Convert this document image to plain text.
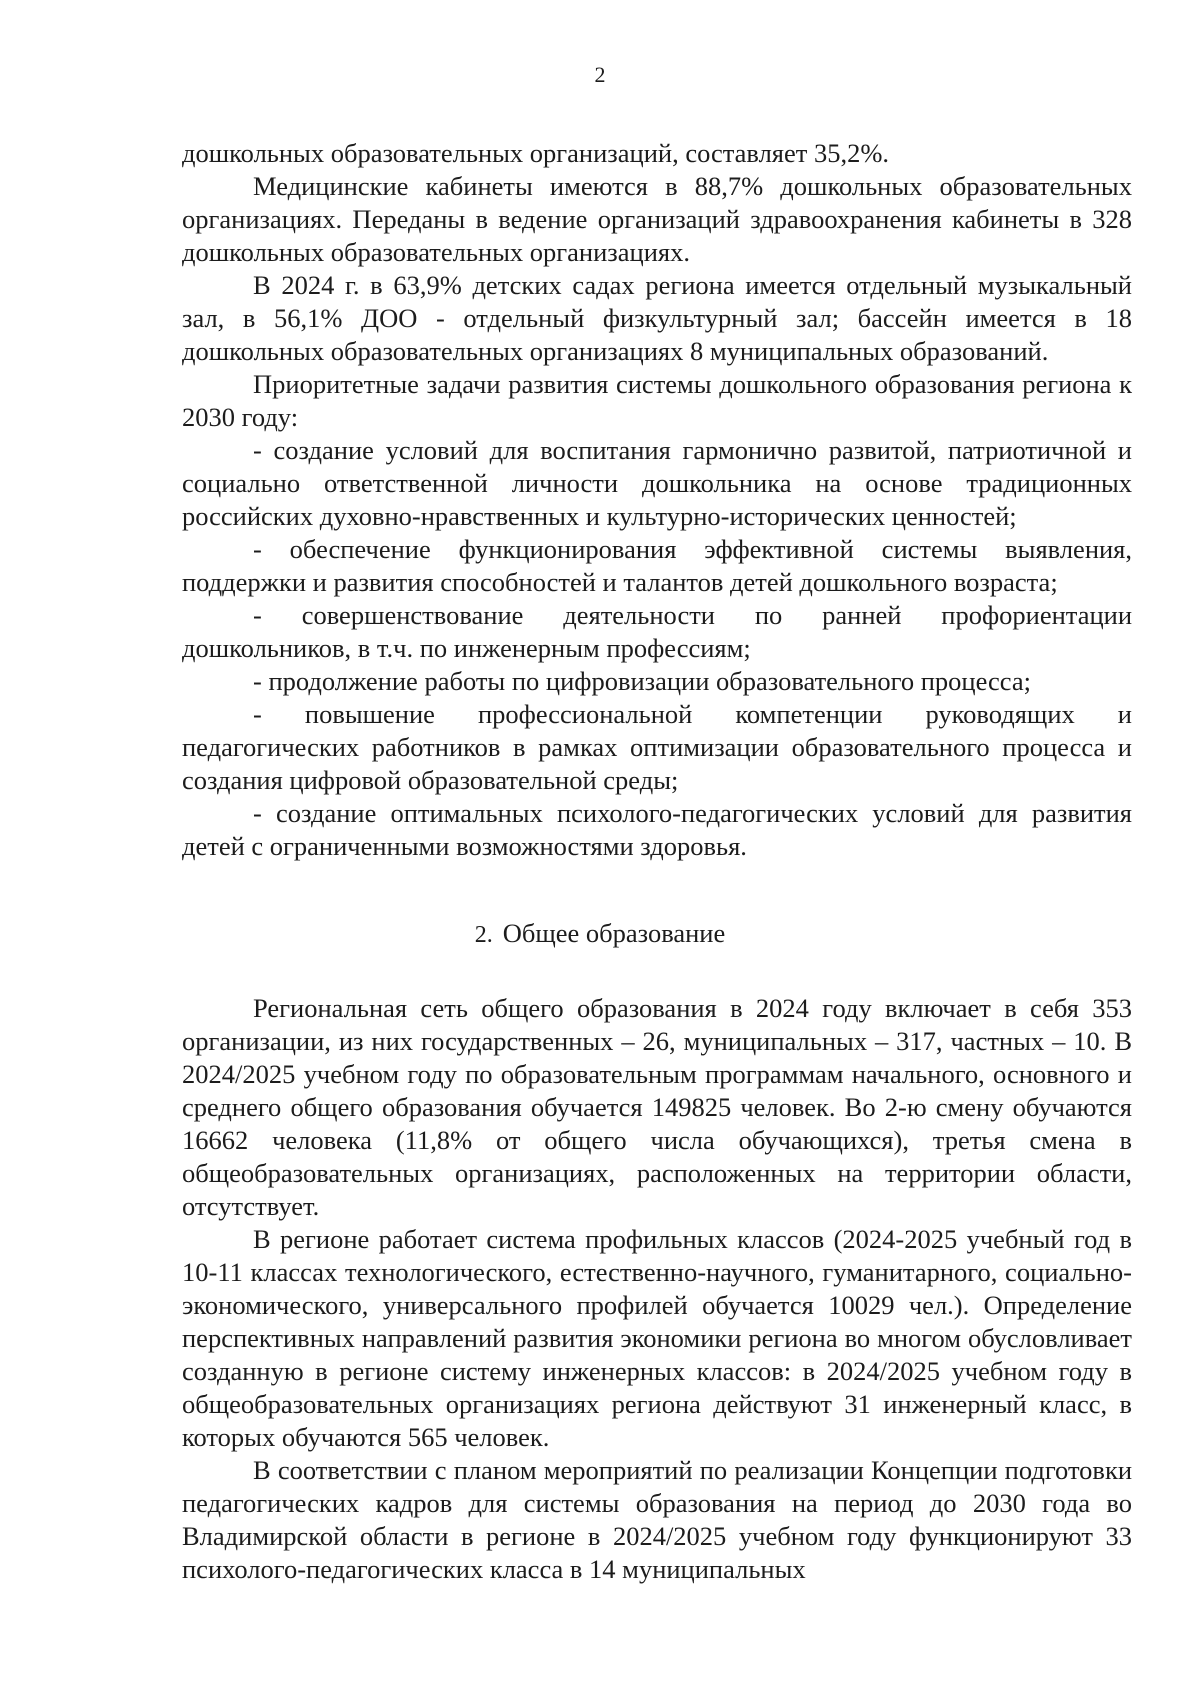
2

дошкольных образовательных организаций, составляет 35,2%.

Медицинские кабинеты имеются в 88,7% дошкольных образовательных организациях. Переданы в ведение организаций здравоохранения кабинеты в 328 дошкольных образовательных организациях.

В 2024 г. в 63,9% детских садах региона имеется отдельный музыкальный зал, в 56,1% ДОО - отдельный физкультурный зал; бассейн имеется в 18 дошкольных образовательных организациях 8 муниципальных образований.

Приоритетные задачи развития системы дошкольного образования региона к 2030 году:

- создание условий для воспитания гармонично развитой, патриотичной и социально ответственной личности дошкольника на основе традиционных российских духовно-нравственных и культурно-исторических ценностей;

- обеспечение функционирования эффективной системы выявления, поддержки и развития способностей и талантов детей дошкольного возраста;

- совершенствование деятельности по ранней профориентации дошкольников, в т.ч. по инженерным профессиям;

- продолжение работы по цифровизации образовательного процесса;

- повышение профессиональной компетенции руководящих и педагогических работников в рамках оптимизации образовательного процесса и создания цифровой образовательной среды;

- создание оптимальных психолого-педагогических условий для развития детей с ограниченными возможностями здоровья.

2. Общее образование

Региональная сеть общего образования в 2024 году включает в себя 353 организации, из них государственных – 26, муниципальных – 317, частных – 10. В 2024/2025 учебном году по образовательным программам начального, основного и среднего общего образования обучается 149825 человек. Во 2-ю смену обучаются 16662 человека (11,8% от общего числа обучающихся), третья смена в общеобразовательных организациях, расположенных на территории области, отсутствует.

В регионе работает система профильных классов (2024-2025 учебный год в 10-11 классах технологического, естественно-научного, гуманитарного, социально-экономического, универсального профилей обучается 10029 чел.). Определение перспективных направлений развития экономики региона во многом обусловливает созданную в регионе систему инженерных классов: в 2024/2025 учебном году в общеобразовательных организациях региона действуют 31 инженерный класс, в которых обучаются 565 человек.

В соответствии с планом мероприятий по реализации Концепции подготовки педагогических кадров для системы образования на период до 2030 года во Владимирской области в регионе в 2024/2025 учебном году функционируют 33 психолого-педагогических класса в 14 муниципальных
